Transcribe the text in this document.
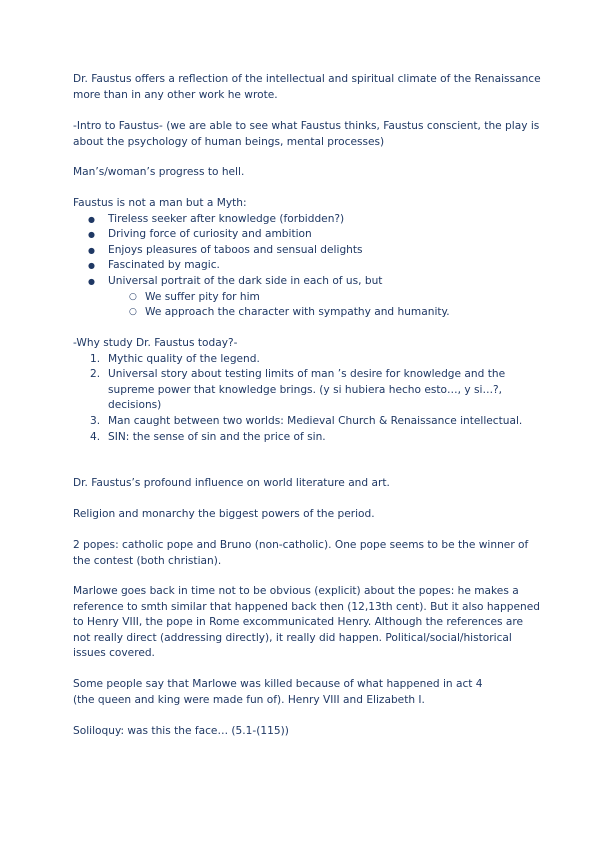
Dr. Faustus offers a reflection of the intellectual and spiritual climate of the Renaissance more than in any other work he wrote.

-Intro to Faustus- (we are able to see what Faustus thinks, Faustus conscient, the play is about the psychology of human beings, mental processes)

Man’s/woman’s progress to hell.

Faustus is not a man but a Myth:
● Tireless seeker after knowledge (forbidden?)
● Driving force of curiosity and ambition
● Enjoys pleasures of taboos and sensual delights
● Fascinated by magic.
● Universal portrait of the dark side in each of us, but
○ We suffer pity for him
○ We approach the character with sympathy and humanity.
-Why study Dr. Faustus today?-
1. Mythic quality of the legend.
2. Universal story about testing limits of man ’s desire for knowledge and the supreme power that knowledge brings. (y si hubiera hecho esto…, y si…?, decisions)
3. Man caught between two worlds: Medieval Church & Renaissance intellectual.
4. SIN: the sense of sin and the price of sin.

Dr. Faustus’s profound influence on world literature and art.

Religion and monarchy the biggest powers of the period.

2 popes: catholic pope and Bruno (non-catholic). One pope seems to be the winner of the contest (both christian).

Marlowe goes back in time not to be obvious (explicit) about the popes: he makes a reference to smth similar that happened back then (12,13th cent). But it also happened to Henry VIII, the pope in Rome excommunicated Henry. Although the references are not really direct (addressing directly), it really did happen. Political/social/historical issues covered.

Some people say that Marlowe was killed because of what happened in act 4
(the queen and king were made fun of). Henry VIII and Elizabeth I.

Soliloquy: was this the face… (5.1-(115))
